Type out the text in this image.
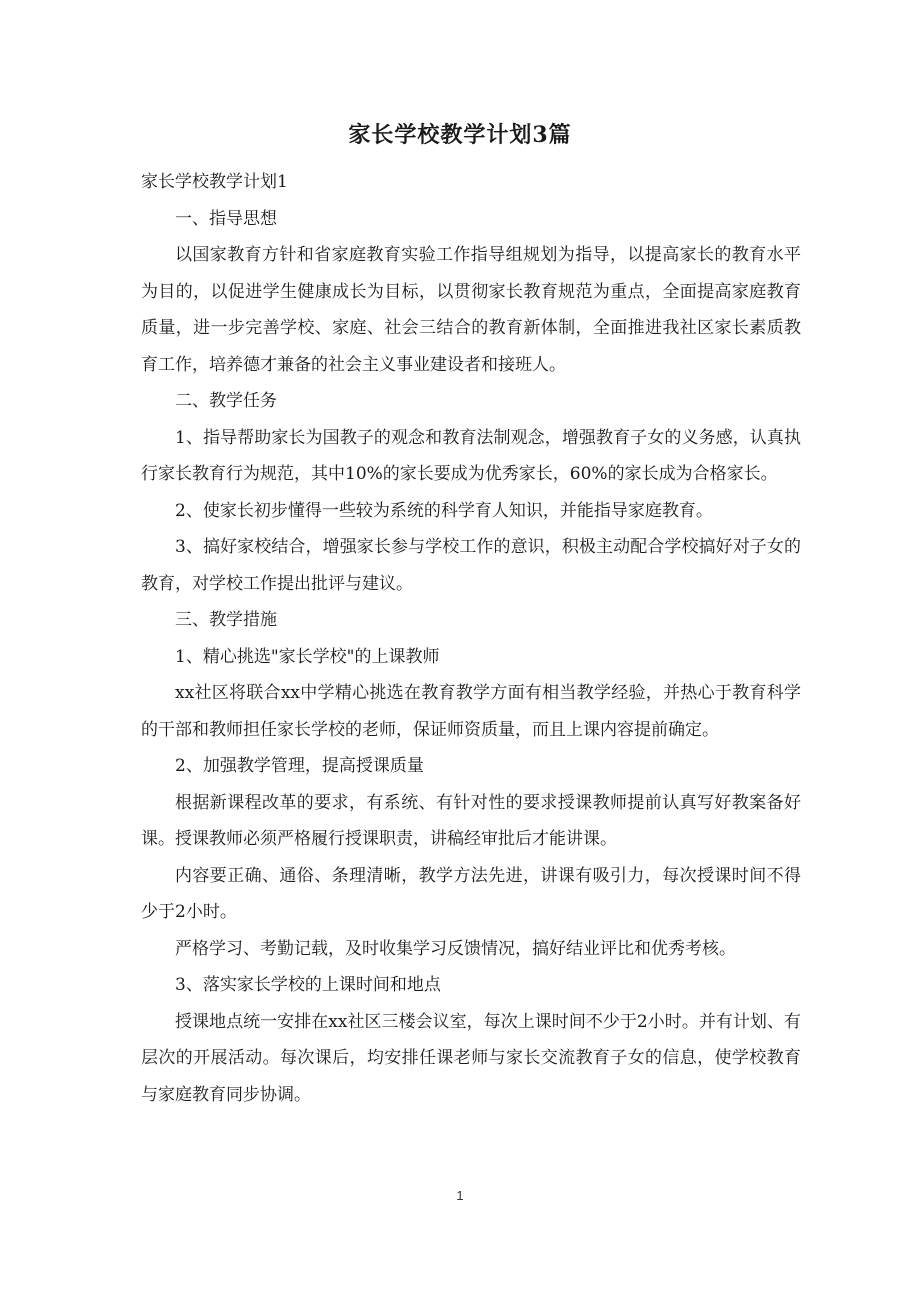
家长学校教学计划3篇

家长学校教学计划1

一、指导思想

以国家教育方针和省家庭教育实验工作指导组规划为指导，以提高家长的教育水平为目的，以促进学生健康成长为目标，以贯彻家长教育规范为重点，全面提高家庭教育质量，进一步完善学校、家庭、社会三结合的教育新体制，全面推进我社区家长素质教育工作，培养德才兼备的社会主义事业建设者和接班人。

二、教学任务

1、指导帮助家长为国教子的观念和教育法制观念，增强教育子女的义务感，认真执行家长教育行为规范，其中10%的家长要成为优秀家长，60%的家长成为合格家长。

2、使家长初步懂得一些较为系统的科学育人知识，并能指导家庭教育。

3、搞好家校结合，增强家长参与学校工作的意识，积极主动配合学校搞好对子女的教育，对学校工作提出批评与建议。

三、教学措施

1、精心挑选"家长学校"的上课教师

xx社区将联合xx中学精心挑选在教育教学方面有相当教学经验，并热心于教育科学的干部和教师担任家长学校的老师，保证师资质量，而且上课内容提前确定。

2、加强教学管理，提高授课质量

根据新课程改革的要求，有系统、有针对性的要求授课教师提前认真写好教案备好课。授课教师必须严格履行授课职责，讲稿经审批后才能讲课。

内容要正确、通俗、条理清晰，教学方法先进，讲课有吸引力，每次授课时间不得少于2小时。

严格学习、考勤记载，及时收集学习反馈情况，搞好结业评比和优秀考核。

3、落实家长学校的上课时间和地点

授课地点统一安排在xx社区三楼会议室，每次上课时间不少于2小时。并有计划、有层次的开展活动。每次课后，均安排任课老师与家长交流教育子女的信息，使学校教育与家庭教育同步协调。

1
